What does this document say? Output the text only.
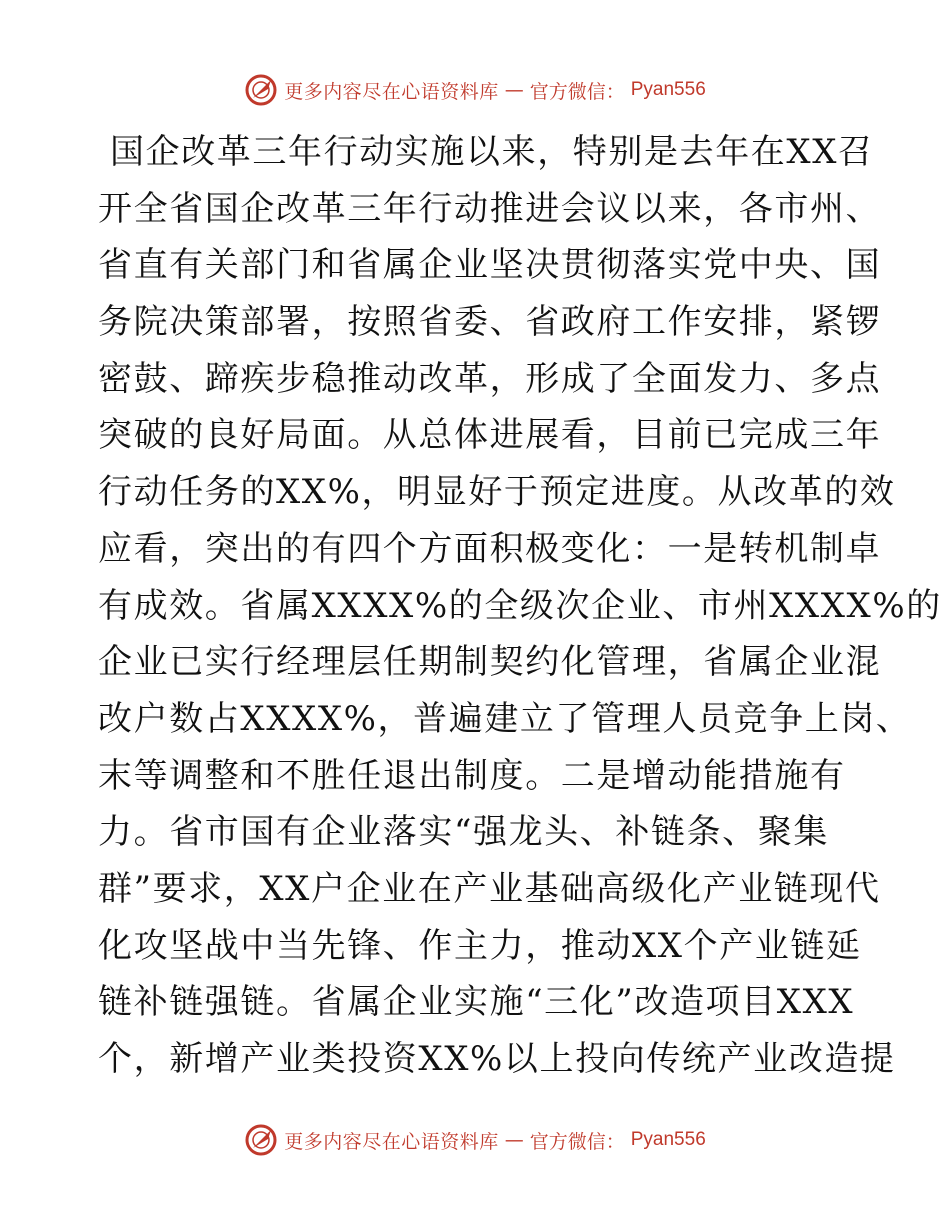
更多内容尽在心语资料库 — 官方微信： Pyan556
国企改革三年行动实施以来，特别是去年在XX召
开全省国企改革三年行动推进会议以来，各市州、
省直有关部门和省属企业坚决贯彻落实党中央、国
务院决策部署，按照省委、省政府工作安排，紧锣
密鼓、蹄疾步稳推动改革，形成了全面发力、多点
突破的良好局面。从总体进展看，目前已完成三年
行动任务的XX%，明显好于预定进度。从改革的效
应看，突出的有四个方面积极变化：一是转机制卓
有成效。省属XXXX%的全级次企业、市州XXXX%的
企业已实行经理层任期制契约化管理，省属企业混
改户数占XXXX%，普遍建立了管理人员竞争上岗、
末等调整和不胜任退出制度。二是增动能措施有
力。省市国有企业落实“强龙头、补链条、聚集
群”要求，XX户企业在产业基础高级化产业链现代
化攻坚战中当先锋、作主力，推动XX个产业链延
链补链强链。省属企业实施“三化”改造项目XXX
个，新增产业类投资XX%以上投向传统产业改造提
更多内容尽在心语资料库 — 官方微信： Pyan556
